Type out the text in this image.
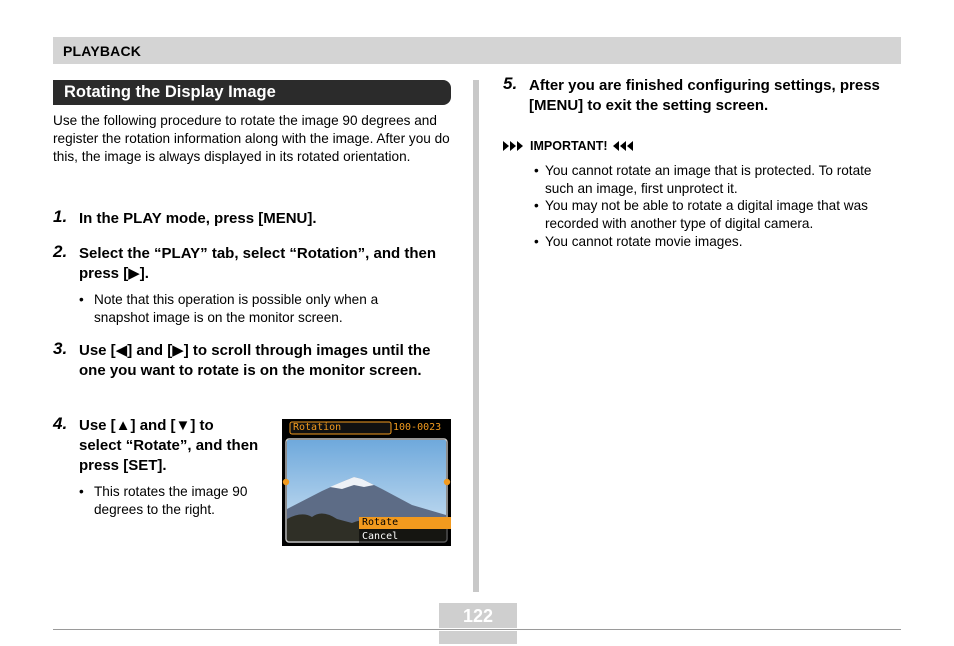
PLAYBACK
Rotating the Display Image
Use the following procedure to rotate the image 90 degrees and register the rotation information along with the image. After you do this, the image is always displayed in its rotated orientation.
1. In the PLAY mode, press [MENU].
2. Select the “PLAY” tab, select “Rotation”, and then press [▶].
• Note that this operation is possible only when a snapshot image is on the monitor screen.
3. Use [◀] and [▶] to scroll through images until the one you want to rotate is on the monitor screen.
4. Use [▲] and [▼] to select “Rotate”, and then press [SET].
• This rotates the image 90 degrees to the right.
Rotation	100-0023
Rotate
Cancel
5. After you are finished configuring settings, press [MENU] to exit the setting screen.
IMPORTANT!
• You cannot rotate an image that is protected. To rotate such an image, first unprotect it.
• You may not be able to rotate a digital image that was recorded with another type of digital camera.
• You cannot rotate movie images.
122
